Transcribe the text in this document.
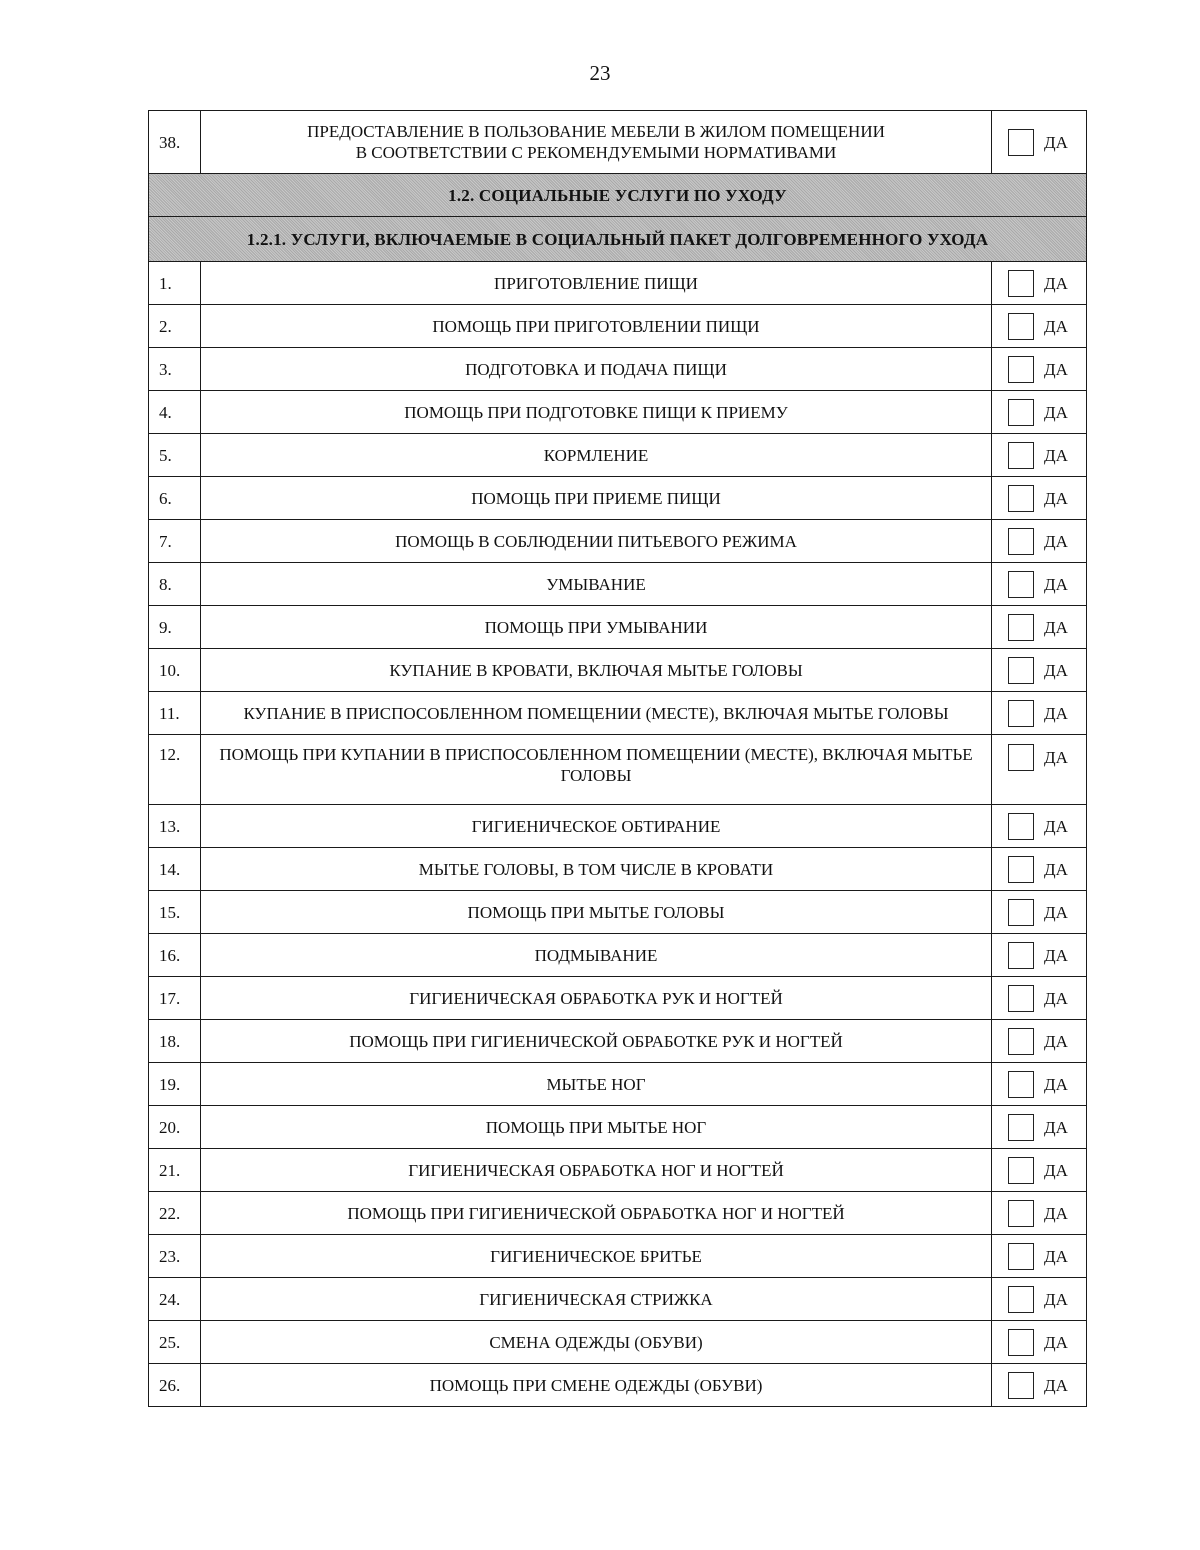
23
38.	ПРЕДОСТАВЛЕНИЕ В ПОЛЬЗОВАНИЕ МЕБЕЛИ В ЖИЛОМ ПОМЕЩЕНИИ
В СООТВЕТСТВИИ С РЕКОМЕНДУЕМЫМИ НОРМАТИВАМИ	ДА

1.2. СОЦИАЛЬНЫЕ УСЛУГИ ПО УХОДУ		
1.2.1. УСЛУГИ, ВКЛЮЧАЕМЫЕ В СОЦИАЛЬНЫЙ ПАКЕТ ДОЛГОВРЕМЕННОГО УХОДА		
1.	ПРИГОТОВЛЕНИЕ ПИЩИ	ДА

2.	ПОМОЩЬ ПРИ ПРИГОТОВЛЕНИИ ПИЩИ	ДА

3.	ПОДГОТОВКА И ПОДАЧА ПИЩИ	ДА

4.	ПОМОЩЬ ПРИ ПОДГОТОВКЕ ПИЩИ К ПРИЕМУ	ДА

5.	КОРМЛЕНИЕ	ДА

6.	ПОМОЩЬ ПРИ ПРИЕМЕ ПИЩИ	ДА

7.	ПОМОЩЬ В СОБЛЮДЕНИИ ПИТЬЕВОГО РЕЖИМА	ДА

8.	УМЫВАНИЕ	ДА

9.	ПОМОЩЬ ПРИ УМЫВАНИИ	ДА

10.	КУПАНИЕ В КРОВАТИ, ВКЛЮЧАЯ МЫТЬЕ ГОЛОВЫ	ДА

11.	КУПАНИЕ В ПРИСПОСОБЛЕННОМ ПОМЕЩЕНИИ (МЕСТЕ), ВКЛЮЧАЯ МЫТЬЕ ГОЛОВЫ	ДА

12.	ПОМОЩЬ ПРИ КУПАНИИ В ПРИСПОСОБЛЕННОМ ПОМЕЩЕНИИ (МЕСТЕ), ВКЛЮЧАЯ МЫТЬЕ ГОЛОВЫ	ДА

13.	ГИГИЕНИЧЕСКОЕ ОБТИРАНИЕ	ДА

14.	МЫТЬЕ ГОЛОВЫ, В ТОМ ЧИСЛЕ В КРОВАТИ	ДА

15.	ПОМОЩЬ ПРИ МЫТЬЕ ГОЛОВЫ	ДА

16.	ПОДМЫВАНИЕ	ДА

17.	ГИГИЕНИЧЕСКАЯ ОБРАБОТКА РУК И НОГТЕЙ	ДА

18.	ПОМОЩЬ ПРИ ГИГИЕНИЧЕСКОЙ ОБРАБОТКЕ РУК И НОГТЕЙ	ДА

19.	МЫТЬЕ НОГ	ДА

20.	ПОМОЩЬ ПРИ МЫТЬЕ НОГ	ДА

21.	ГИГИЕНИЧЕСКАЯ ОБРАБОТКА НОГ И НОГТЕЙ	ДА

22.	ПОМОЩЬ ПРИ ГИГИЕНИЧЕСКОЙ ОБРАБОТКА НОГ И НОГТЕЙ	ДА

23.	ГИГИЕНИЧЕСКОЕ БРИТЬЕ	ДА

24.	ГИГИЕНИЧЕСКАЯ СТРИЖКА	ДА

25.	СМЕНА ОДЕЖДЫ (ОБУВИ)	ДА

26.	ПОМОЩЬ ПРИ СМЕНЕ ОДЕЖДЫ (ОБУВИ)	ДА
